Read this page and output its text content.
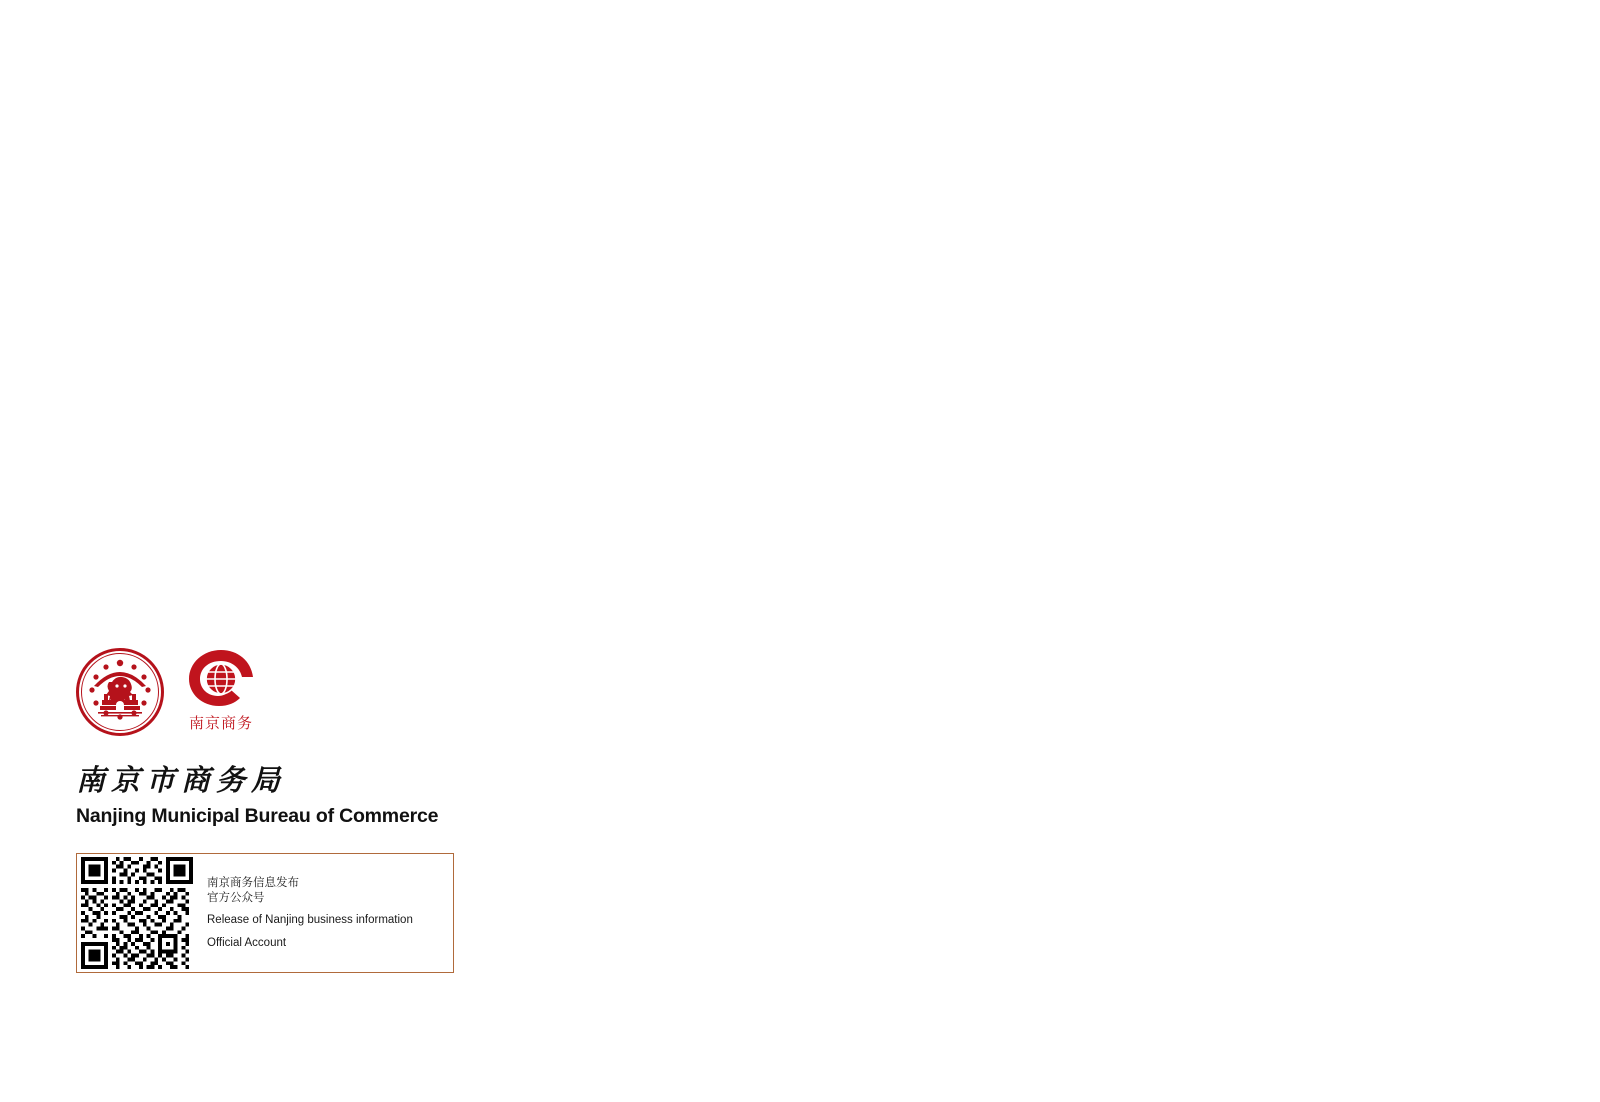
南京商务
南京市商务局
Nanjing Municipal Bureau of Commerce
南京商务信息发布
官方公众号
Release of Nanjing business information
Official Account
